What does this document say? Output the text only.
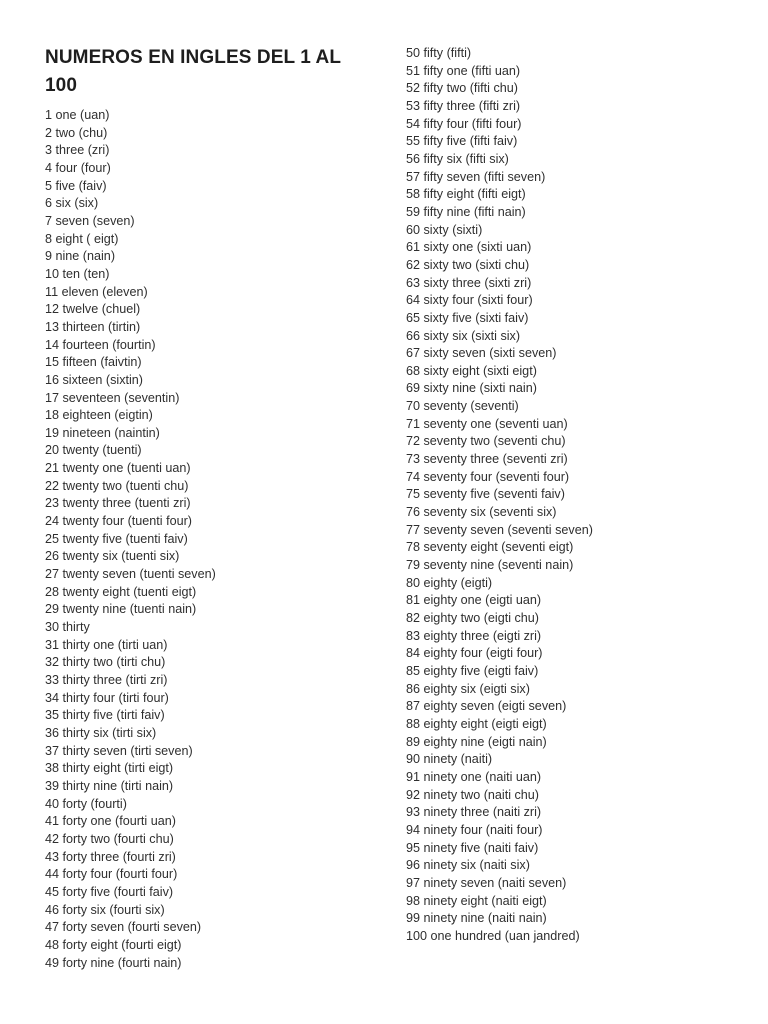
NUMEROS EN INGLES DEL 1 AL 100
1 one (uan)
2 two (chu)
3 three (zri)
4 four (four)
5 five (faiv)
6 six (six)
7 seven (seven)
8 eight ( eigt)
9 nine (nain)
10 ten (ten)
11 eleven (eleven)
12 twelve (chuel)
13 thirteen (tirtin)
14 fourteen (fourtin)
15 fifteen (faivtin)
16 sixteen (sixtin)
17 seventeen (seventin)
18 eighteen (eigtin)
19 nineteen (naintin)
20 twenty (tuenti)
21 twenty one (tuenti uan)
22 twenty two (tuenti chu)
23 twenty three (tuenti zri)
24 twenty four (tuenti four)
25 twenty five (tuenti faiv)
26 twenty six (tuenti six)
27 twenty seven (tuenti seven)
28 twenty eight (tuenti eigt)
29 twenty nine (tuenti nain)
30 thirty
31 thirty one (tirti uan)
32 thirty two (tirti chu)
33 thirty three (tirti zri)
34 thirty four (tirti four)
35 thirty five (tirti faiv)
36 thirty six (tirti six)
37 thirty seven (tirti seven)
38 thirty eight (tirti eigt)
39 thirty nine (tirti nain)
40 forty (fourti)
41 forty one (fourti uan)
42 forty two (fourti chu)
43 forty three (fourti zri)
44 forty four (fourti four)
45 forty five (fourti faiv)
46 forty six (fourti six)
47 forty seven (fourti seven)
48 forty eight (fourti eigt)
49 forty nine (fourti nain)
50 fifty (fifti)
51 fifty one (fifti uan)
52 fifty two (fifti chu)
53 fifty three (fifti zri)
54 fifty four (fifti four)
55 fifty five (fifti faiv)
56 fifty six (fifti six)
57 fifty seven (fifti seven)
58 fifty eight (fifti eigt)
59 fifty nine (fifti nain)
60 sixty (sixti)
61 sixty one (sixti uan)
62 sixty two (sixti chu)
63 sixty three (sixti zri)
64 sixty four (sixti four)
65 sixty five (sixti faiv)
66 sixty six (sixti six)
67 sixty seven (sixti seven)
68 sixty eight (sixti eigt)
69 sixty nine (sixti nain)
70 seventy (seventi)
71 seventy one (seventi uan)
72 seventy two (seventi chu)
73 seventy three (seventi zri)
74 seventy four (seventi four)
75 seventy five (seventi faiv)
76 seventy six (seventi six)
77 seventy seven (seventi seven)
78 seventy eight (seventi eigt)
79 seventy nine (seventi nain)
80 eighty (eigti)
81 eighty one (eigti uan)
82 eighty two (eigti chu)
83 eighty three (eigti zri)
84 eighty four (eigti four)
85 eighty five (eigti faiv)
86 eighty six (eigti six)
87 eighty seven (eigti seven)
88 eighty eight (eigti eigt)
89 eighty nine (eigti nain)
90 ninety (naiti)
91 ninety one (naiti uan)
92 ninety two (naiti chu)
93 ninety three (naiti zri)
94 ninety four (naiti four)
95 ninety five (naiti faiv)
96 ninety six (naiti six)
97 ninety seven (naiti seven)
98 ninety eight (naiti eigt)
99 ninety nine (naiti nain)
100 one hundred (uan jandred)
